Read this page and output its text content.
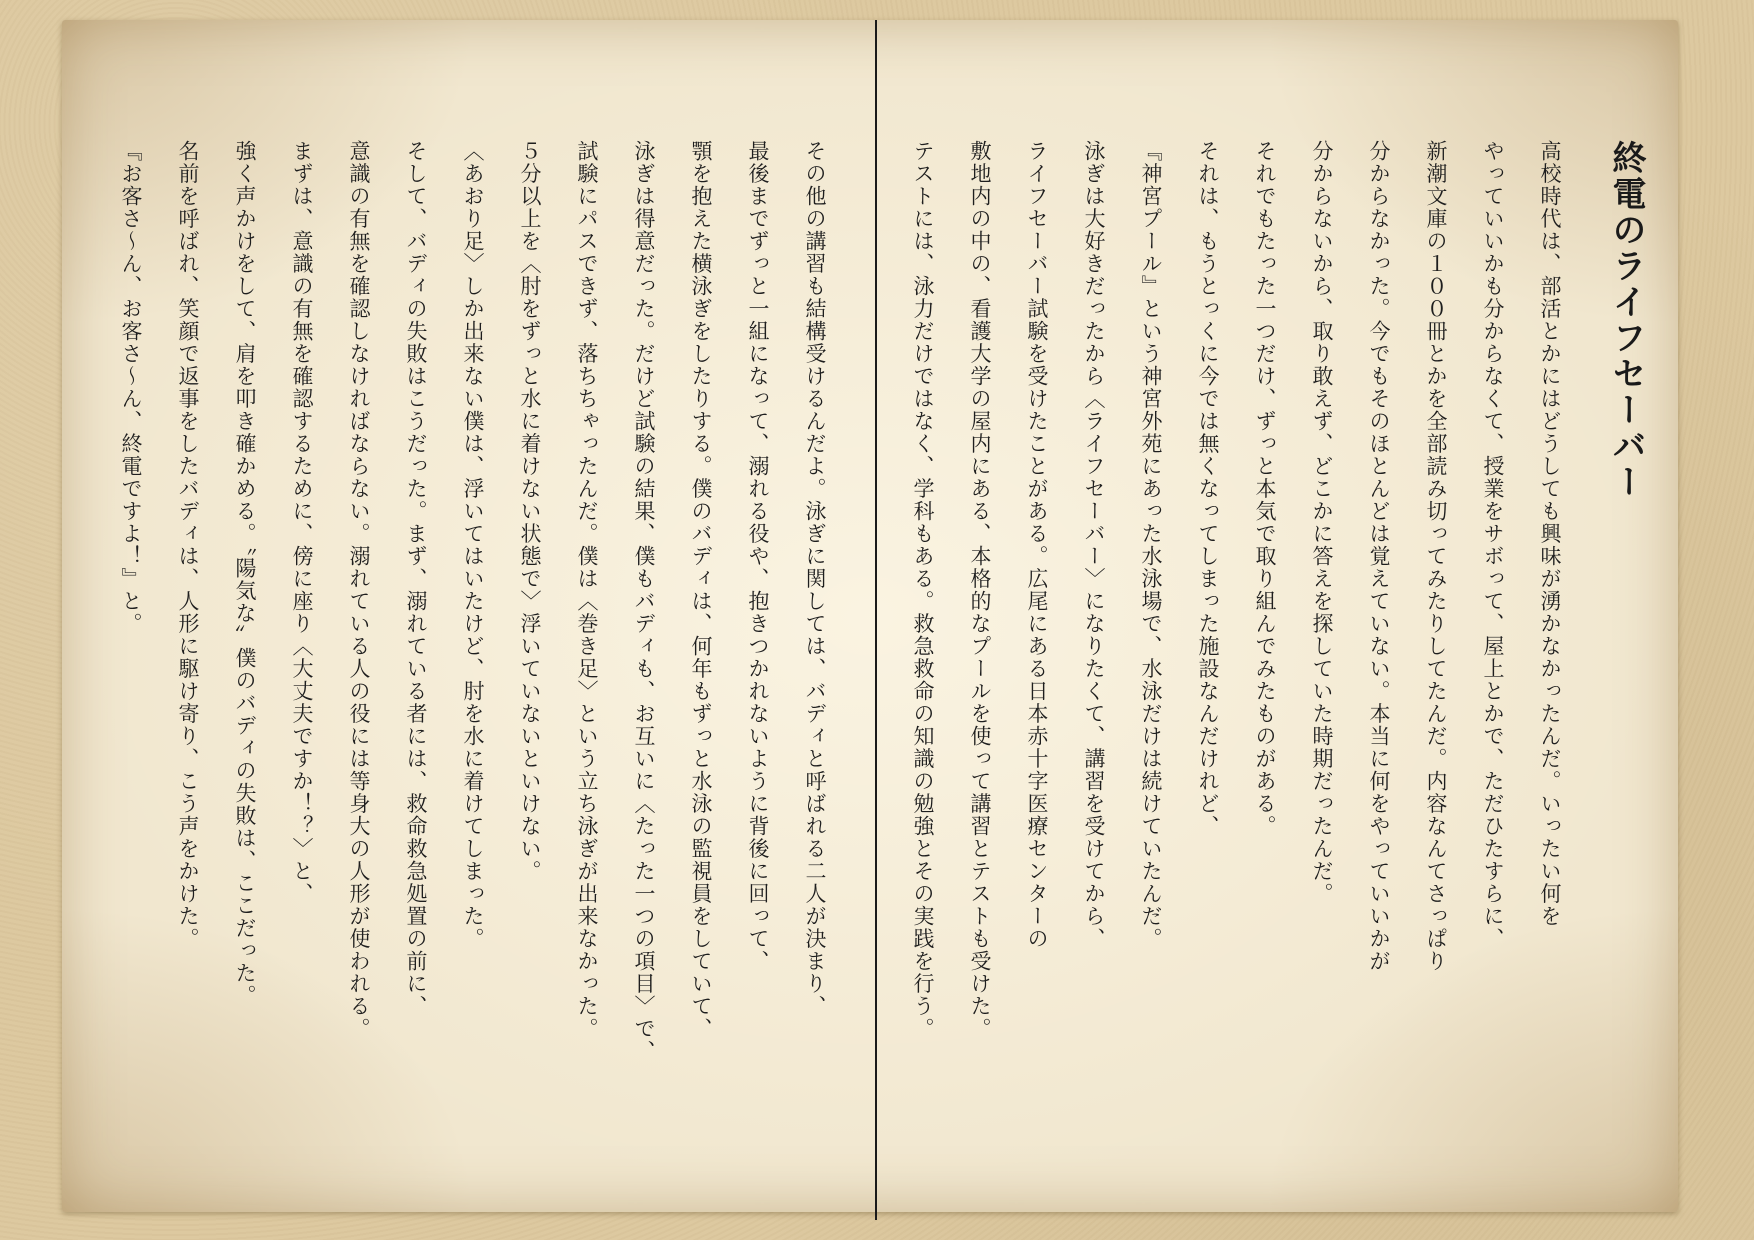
終電のライフセーバー

高校時代は、部活とかにはどうしても興味が湧かなかったんだ。いったい何を

やっていいかも分からなくて、授業をサボって、屋上とかで、ただひたすらに、

新潮文庫の１００冊とかを全部読み切ってみたりしてたんだ。内容なんてさっぱり

分からなかった。今でもそのほとんどは覚えていない。本当に何をやっていいかが

分からないから、取り敢えず、どこかに答えを探していた時期だったんだ。

それでもたった一つだけ、ずっと本気で取り組んでみたものがある。

それは、もうとっくに今では無くなってしまった施設なんだけれど、

『神宮プール』という神宮外苑にあった水泳場で、水泳だけは続けていたんだ。

泳ぎは大好きだったから〈ライフセーバー〉になりたくて、講習を受けてから、

ライフセーバー試験を受けたことがある。広尾にある日本赤十字医療センターの

敷地内の中の、看護大学の屋内にある、本格的なプールを使って講習とテストも受けた。

テストには、泳力だけではなく、学科もある。救急救命の知識の勉強とその実践を行う。

その他の講習も結構受けるんだよ。泳ぎに関しては、バディと呼ばれる二人が決まり、

最後までずっと一組になって、溺れる役や、抱きつかれないように背後に回って、

顎を抱えた横泳ぎをしたりする。僕のバディは、何年もずっと水泳の監視員をしていて、

泳ぎは得意だった。だけど試験の結果、僕もバディも、お互いに〈たった一つの項目〉で、

試験にパスできず、落ちちゃったんだ。僕は〈巻き足〉という立ち泳ぎが出来なかった。

５分以上を〈肘をずっと水に着けない状態で〉浮いていないといけない。

〈あおり足〉しか出来ない僕は、浮いてはいたけど、肘を水に着けてしまった。

そして、バディの失敗はこうだった。まず、溺れている者には、救命救急処置の前に、

意識の有無を確認しなければならない。溺れている人の役には等身大の人形が使われる。

まずは、意識の有無を確認するために、傍に座り〈大丈夫ですか！？〉と、

強く声かけをして、肩を叩き確かめる。〝陽気な〟僕のバディの失敗は、ここだった。

名前を呼ばれ、笑顔で返事をしたバディは、人形に駆け寄り、こう声をかけた。

『お客さ〜ん、お客さ〜ん、終電ですよ！』と。
